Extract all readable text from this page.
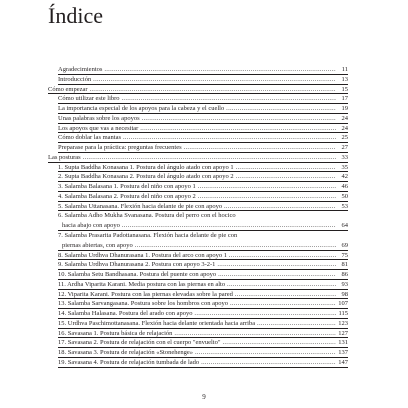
Índice
Agradecimientos .....	11
Introducción .....	13
Cómo empezar .....	15
Cómo utilizar este libro .....	17
La importancia especial de los apoyos para la cabeza y el cuello .....	19
Unas palabras sobre los apoyos .....	24
Los apoyos que vas a necesitar .....	24
Cómo doblar las mantas .....	25
Preparase para la práctica: preguntas frecuentes .....	27
Las posturas .....	33
1. Supta Baddha Konasana 1. Postura del ángulo atado con apoyo 1 .....	35
2. Supta Baddha Konasana 2. Postura del ángulo atado con apoyo 2 .....	42
3. Salamba Balasana 1. Postura del niño con apoyo 1 .....	46
4. Salamba Balasana 2. Postura del niño con apoyo 2 .....	50
5. Salamba Uttanasana. Flexión hacia delante de pie con apoyo .....	53
6. Salamba Adho Mukha Svanasana. Postura del perro con el hocico
hacia abajo con apoyo .....	64
7. Salamba Prasarita Padottanasana. Flexión hacia delante de pie con
piernas abiertas, con apoyo .....	69
8. Salamba Urdhva Dhanurasana 1. Postura del arco con apoyo 1 .....	75
9. Salamba Urdhva Dhanurasana 2. Postura con apoyo 3-2-1 .....	81
10. Salamba Setu Bandhasana. Postura del puente con apoyo .....	86
11. Ardha Viparita Karani. Media postura con las piernas en alto .....	93
12. Viparita Karani. Postura con las piernas elevadas sobre la pared .....	98
13. Salamba Sarvangasana. Postura sobre los hombros con apoyo .....	107
14. Salamba Halasana. Postura del arado con apoyo .....	115
15. Urdhva Paschimottanasana. Flexión hacia delante orientada hacia arriba .....	123
16. Savasana 1. Postura básica de relajación .....	127
17. Savasana 2. Postura de relajación con el cuerpo "envuelto" .....	131
18. Savasana 3. Postura de relajación «Stonehenge» .....	137
19. Savasana 4. Postura de relajación tumbada de lado .....	147
9
